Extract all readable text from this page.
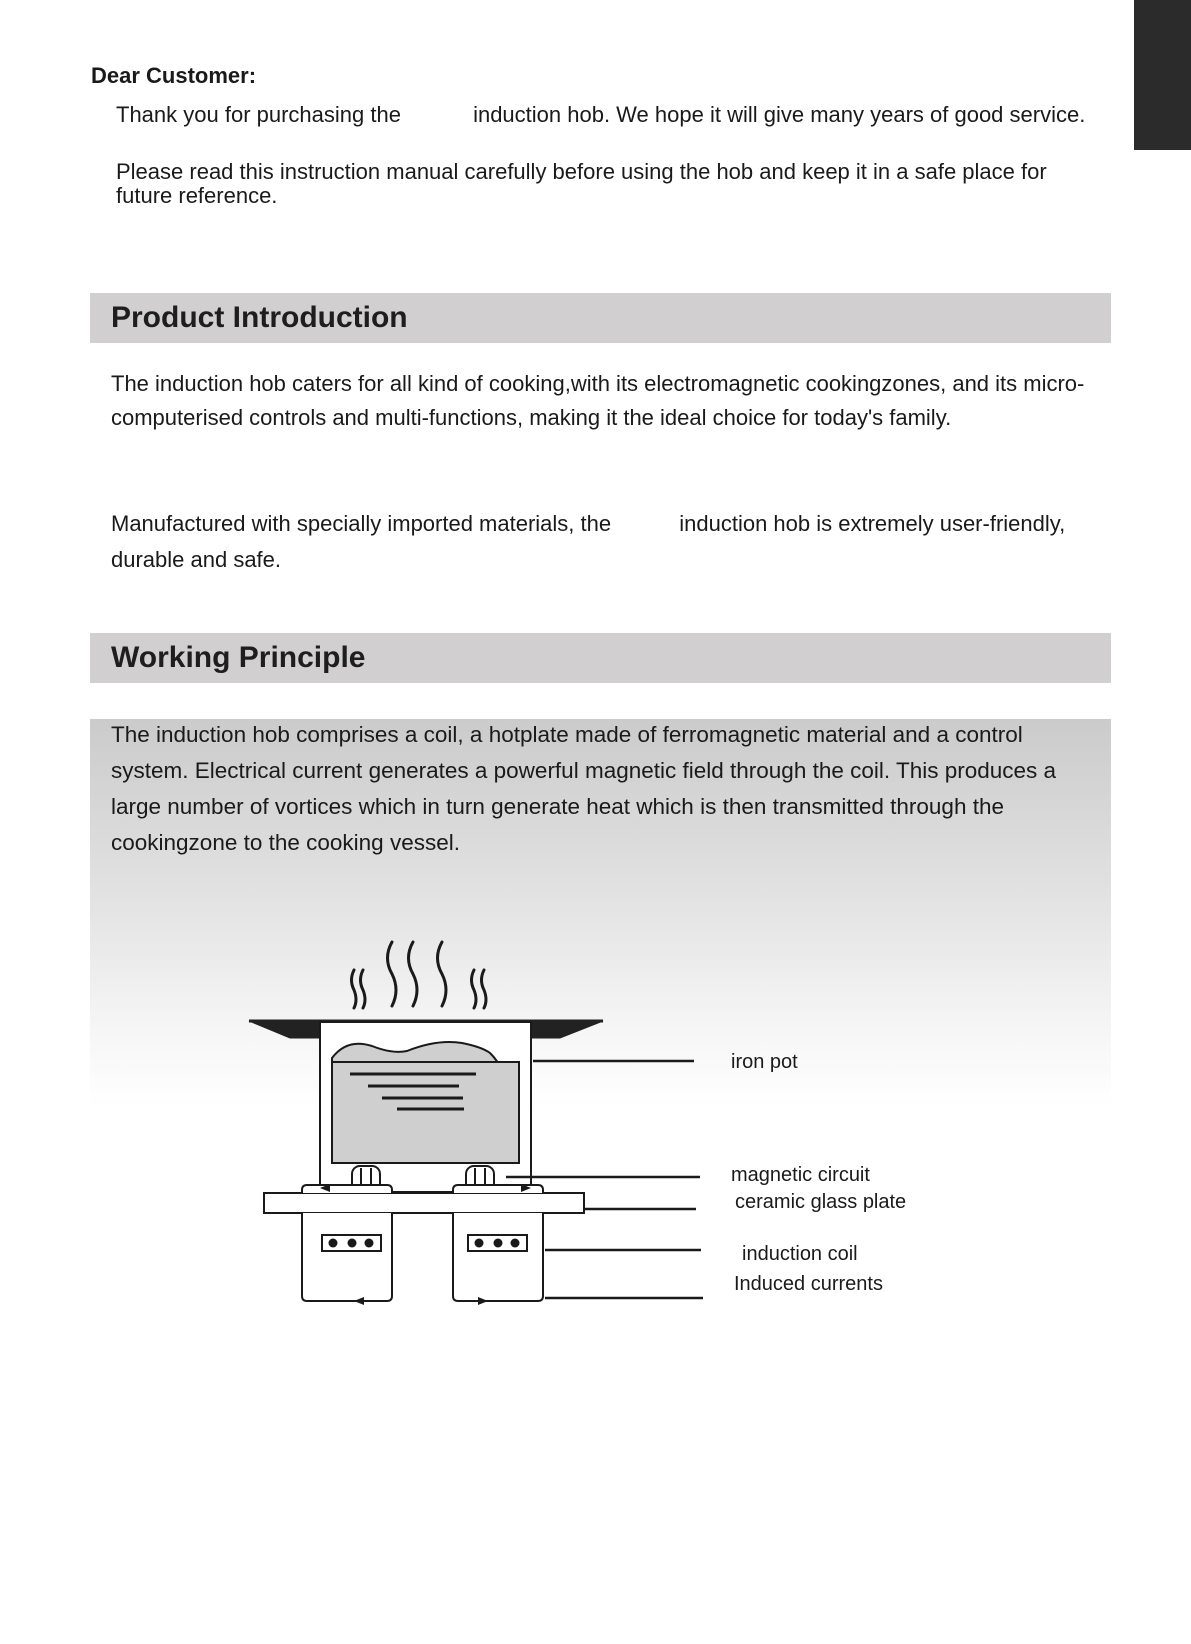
Dear Customer:

Thank you for purchasing the	induction hob. We hope it will give many years of good service.

Please read this instruction manual carefully before using the hob and keep it in a safe place for future reference.

Product Introduction

The induction hob caters for all kind of cooking,with its electromagnetic cookingzones, and its micro-computerised controls and multi-functions, making it the ideal choice for today's family.

Manufactured with specially imported materials, the	induction hob is extremely user-friendly, durable and safe.

Working Principle

The induction hob comprises a coil, a hotplate made of ferromagnetic material and a control system. Electrical current generates a powerful magnetic field through the coil. This produces a large number of vortices which in turn generate heat which is then transmitted through the cookingzone to the cooking vessel.

iron pot
magnetic circuit
ceramic glass plate
induction coil
Induced currents
